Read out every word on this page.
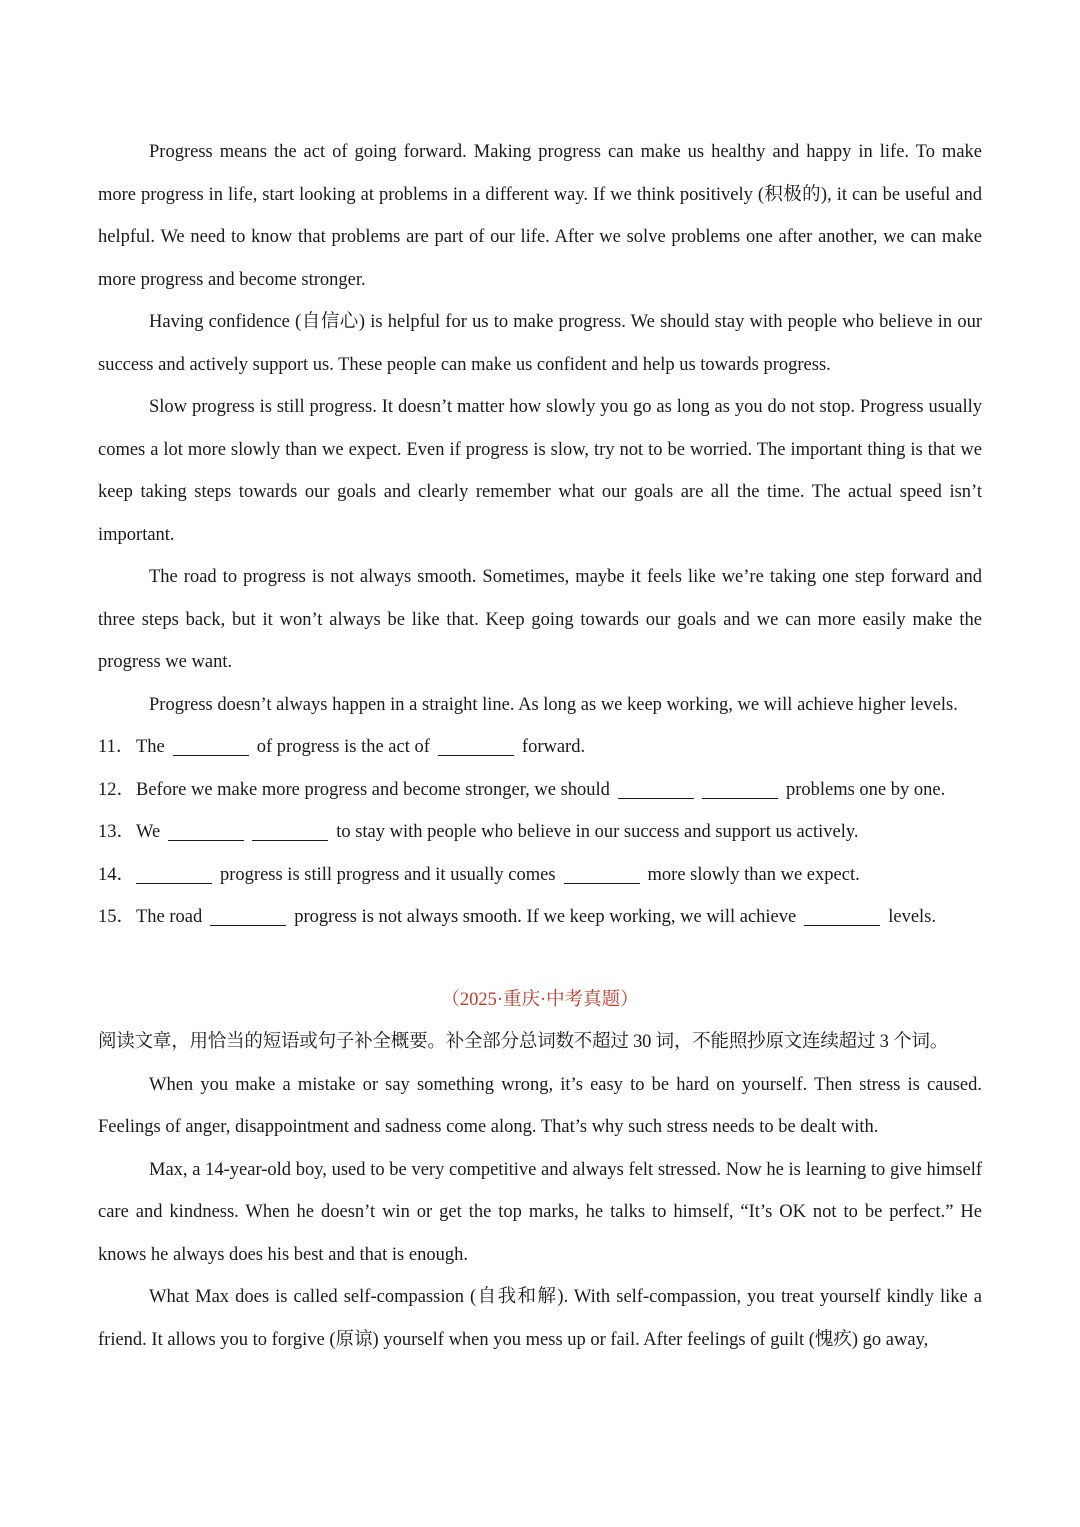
Progress means the act of going forward. Making progress can make us healthy and happy in life. To make more progress in life, start looking at problems in a different way. If we think positively (积极的), it can be useful and helpful. We need to know that problems are part of our life. After we solve problems one after another, we can make more progress and become stronger.

Having confidence (自信心) is helpful for us to make progress. We should stay with people who believe in our success and actively support us. These people can make us confident and help us towards progress.

Slow progress is still progress. It doesn’t matter how slowly you go as long as you do not stop. Progress usually comes a lot more slowly than we expect. Even if progress is slow, try not to be worried. The important thing is that we keep taking steps towards our goals and clearly remember what our goals are all the time. The actual speed isn’t important.

The road to progress is not always smooth. Sometimes, maybe it feels like we’re taking one step forward and three steps back, but it won’t always be like that. Keep going towards our goals and we can more easily make the progress we want.

Progress doesn’t always happen in a straight line. As long as we keep working, we will achieve higher levels.

11．The	of progress is the act of	forward.

12．Before we make more progress and become stronger, we should	problems one by one.

13．We	to stay with people who believe in our success and support us actively.

14．	progress is still progress and it usually comes	more slowly than we expect.

15．The road	progress is not always smooth. If we keep working, we will achieve	levels.

（2025·重庆·中考真题）

阅读文章，用恰当的短语或句子补全概要。补全部分总词数不超过 30 词，不能照抄原文连续超过 3 个词。

When you make a mistake or say something wrong, it’s easy to be hard on yourself. Then stress is caused. Feelings of anger, disappointment and sadness come along. That’s why such stress needs to be dealt with.

Max, a 14-year-old boy, used to be very competitive and always felt stressed. Now he is learning to give himself care and kindness. When he doesn’t win or get the top marks, he talks to himself, “It’s OK not to be perfect.” He knows he always does his best and that is enough.

What Max does is called self-compassion (自我和解). With self-compassion, you treat yourself kindly like a friend. It allows you to forgive (原谅) yourself when you mess up or fail. After feelings of guilt (愧疚) go away,
